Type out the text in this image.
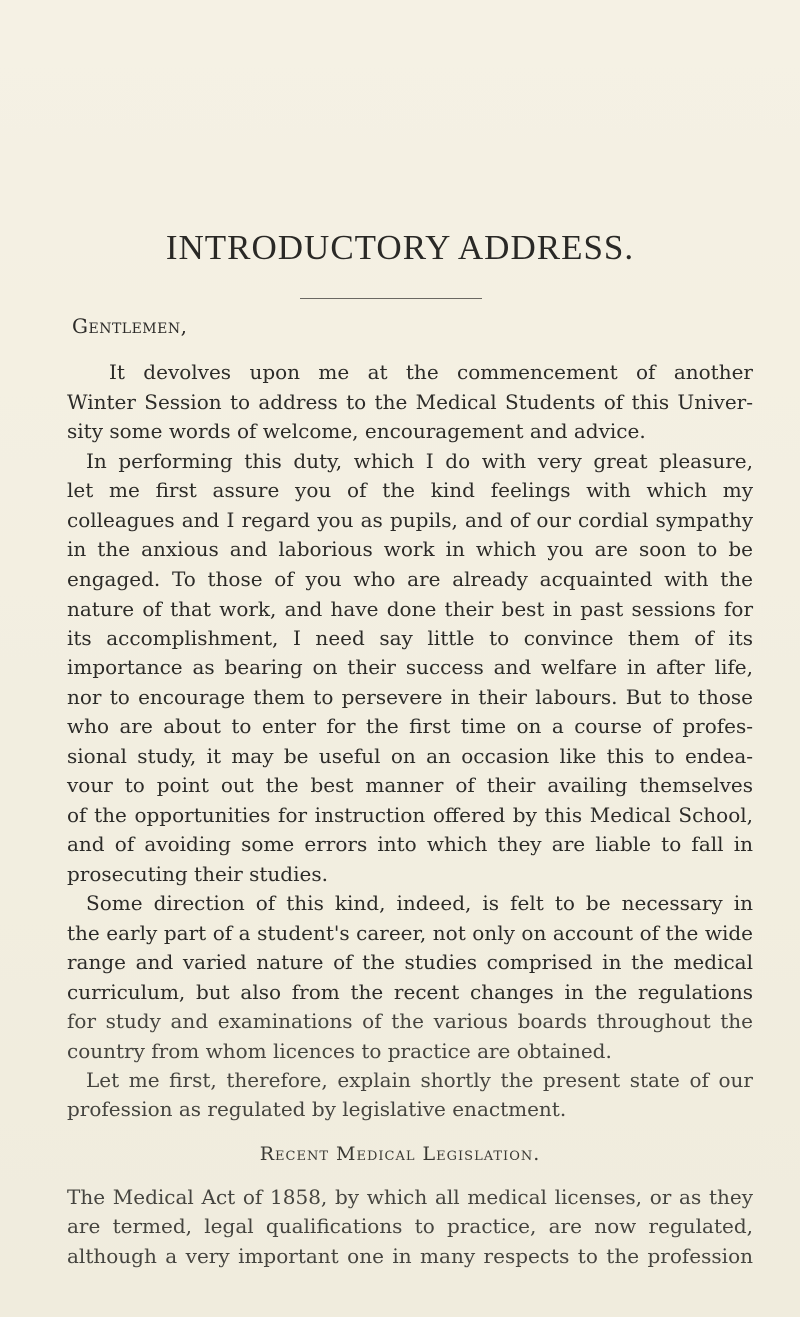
INTRODUCTORY ADDRESS.
Gentlemen,
It devolves upon me at the commencement of another
Winter Session to address to the Medical Students of this Univer-
sity some words of welcome, encouragement and advice.
In performing this duty, which I do with very great pleasure,
let me first assure you of the kind feelings with which my
colleagues and I regard you as pupils, and of our cordial sympathy
in the anxious and laborious work in which you are soon to be
engaged. To those of you who are already acquainted with the
nature of that work, and have done their best in past sessions for
its accomplishment, I need say little to convince them of its
importance as bearing on their success and welfare in after life,
nor to encourage them to persevere in their labours. But to those
who are about to enter for the first time on a course of profes-
sional study, it may be useful on an occasion like this to endea-
vour to point out the best manner of their availing themselves
of the opportunities for instruction offered by this Medical School,
and of avoiding some errors into which they are liable to fall in
prosecuting their studies.
Some direction of this kind, indeed, is felt to be necessary in
the early part of a student's career, not only on account of the wide
range and varied nature of the studies comprised in the medical
curriculum, but also from the recent changes in the regulations
for study and examinations of the various boards throughout the
country from whom licences to practice are obtained.
Let me first, therefore, explain shortly the present state of our
profession as regulated by legislative enactment.
Recent Medical Legislation.
The Medical Act of 1858, by which all medical licenses, or as they
are termed, legal qualifications to practice, are now regulated,
although a very important one in many respects to the profession
